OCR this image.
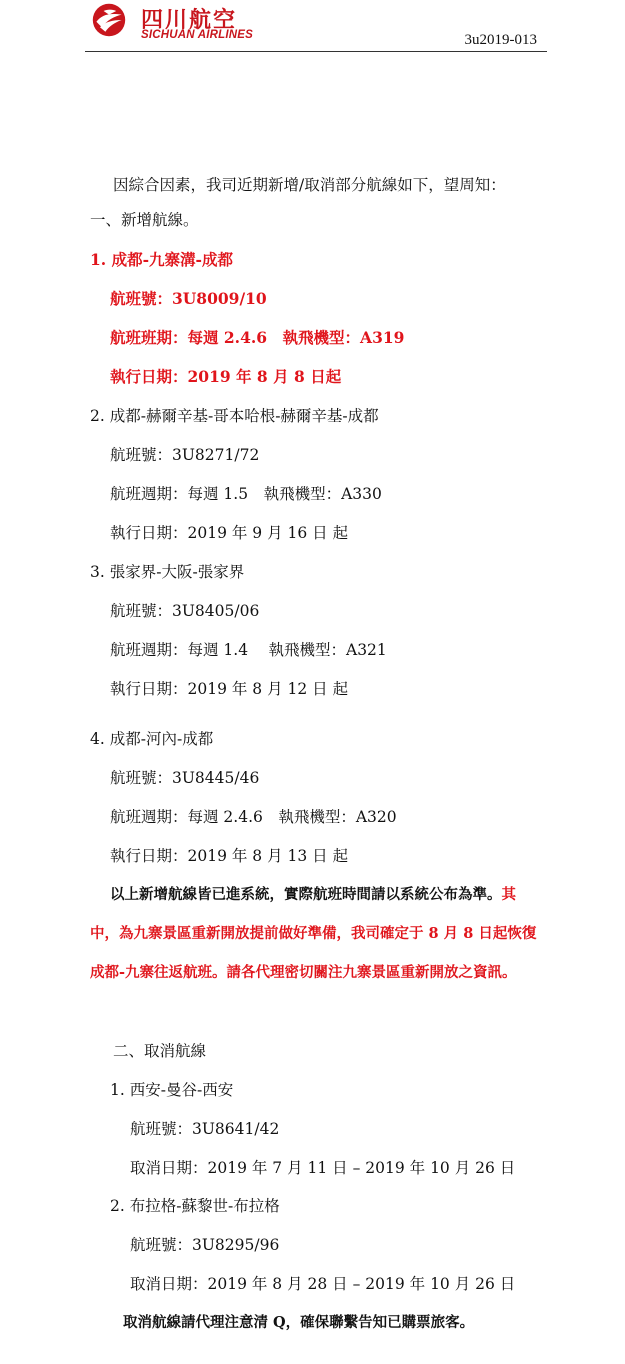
四川航空
SICHUAN AIRLINES	3u2019-013
因綜合因素，我司近期新增/取消部分航線如下，望周知：
一、新增航線。
1. 成都-九寨溝-成都
航班號：3U8009/10
航班班期：每週 2.4.6　執飛機型：A319
執行日期：2019 年 8 月 8 日起
2. 成都-赫爾辛基-哥本哈根-赫爾辛基-成都
航班號：3U8271/72
航班週期：每週 1.5　執飛機型：A330
執行日期：2019 年 9 月 16 日 起
3. 張家界-大阪-張家界
航班號：3U8405/06
航班週期：每週 1.4　 執飛機型：A321
執行日期：2019 年 8 月 12 日 起
4. 成都-河內-成都
航班號：3U8445/46
航班週期：每週 2.4.6　執飛機型：A320
執行日期：2019 年 8 月 13 日 起
以上新增航線皆已進系統，實際航班時間請以系統公布為準。其
中，為九寨景區重新開放提前做好準備，我司確定于 8 月 8 日起恢復
成都-九寨往返航班。請各代理密切關注九寨景區重新開放之資訊。
二、取消航線
1. 西安-曼谷-西安
航班號：3U8641/42
取消日期：2019 年 7 月 11 日 – 2019 年 10 月 26 日
2. 布拉格-蘇黎世-布拉格
航班號：3U8295/96
取消日期：2019 年 8 月 28 日 – 2019 年 10 月 26 日
取消航線請代理注意清 Q，確保聯繫告知已購票旅客。
